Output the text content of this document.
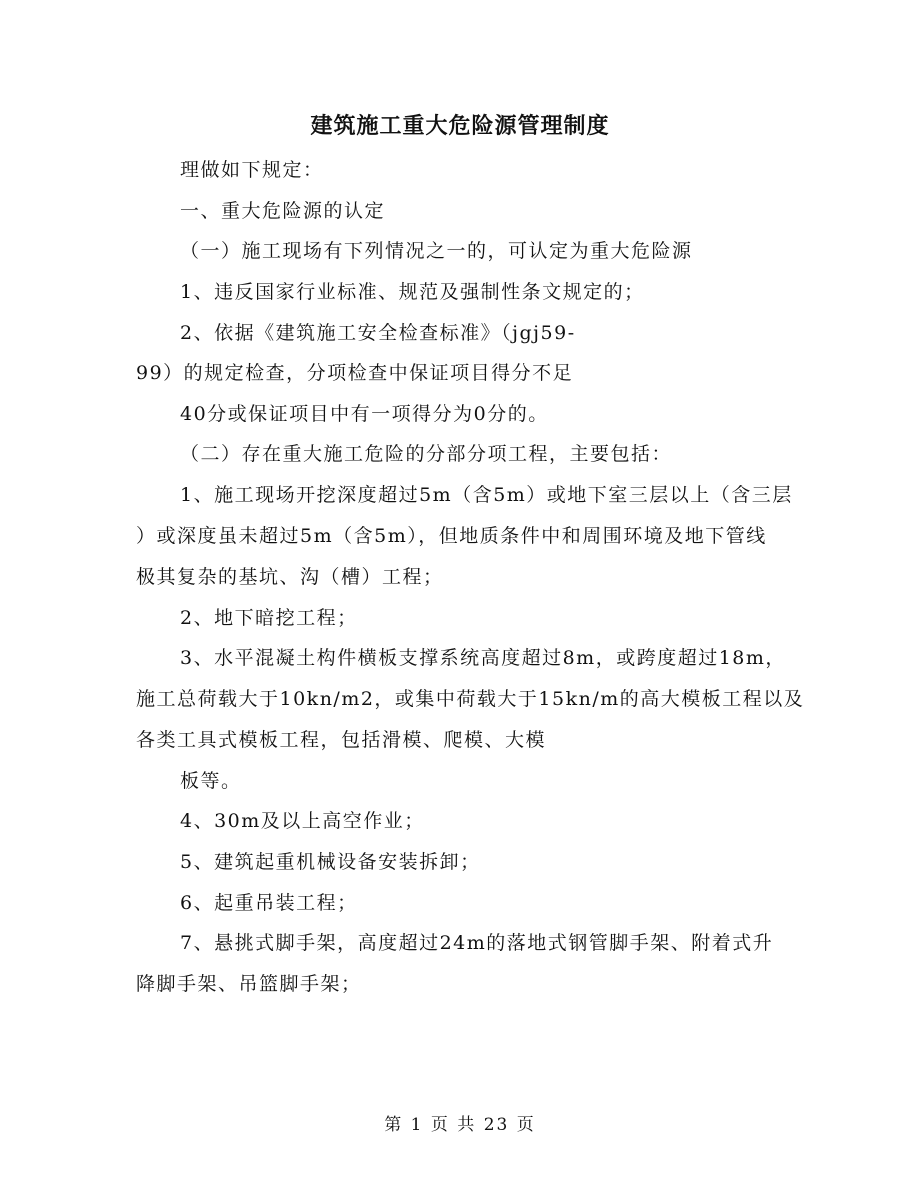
建筑施工重大危险源管理制度
理做如下规定：
一、重大危险源的认定
（一）施工现场有下列情况之一的，可认定为重大危险源
1、违反国家行业标准、规范及强制性条文规定的；
2、依据《建筑施工安全检查标准》（jgj59-
99）的规定检查，分项检查中保证项目得分不足
40分或保证项目中有一项得分为0分的。
（二）存在重大施工危险的分部分项工程，主要包括：
1、施工现场开挖深度超过5m（含5m）或地下室三层以上（含三层
）或深度虽未超过5m（含5m），但地质条件中和周围环境及地下管线
极其复杂的基坑、沟（槽）工程；
2、地下暗挖工程；
3、水平混凝土构件横板支撑系统高度超过8m，或跨度超过18m，
施工总荷载大于10kn/m2，或集中荷载大于15kn/m的高大模板工程以及
各类工具式模板工程，包括滑模、爬模、大模
板等。
4、30m及以上高空作业；
5、建筑起重机械设备安装拆卸；
6、起重吊装工程；
7、悬挑式脚手架，高度超过24m的落地式钢管脚手架、附着式升
降脚手架、吊篮脚手架；
第 1 页 共 23 页
